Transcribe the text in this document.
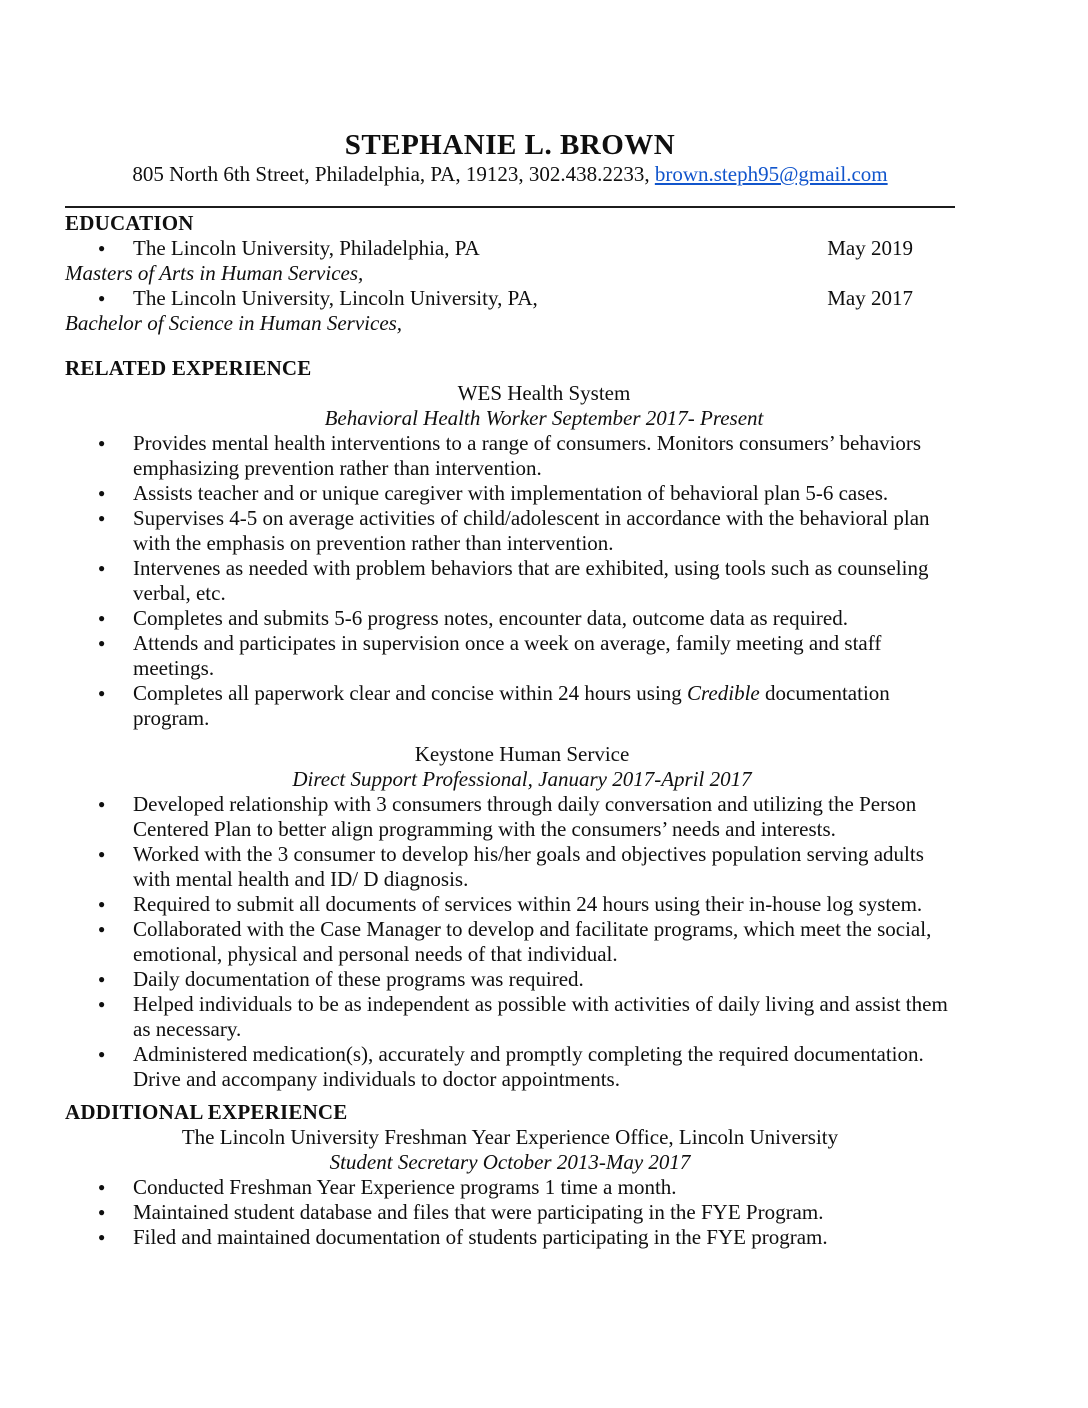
STEPHANIE L. BROWN

805 North 6th Street, Philadelphia, PA, 19123, 302.438.2233, brown.steph95@gmail.com

EDUCATION
● The Lincoln University, Philadelphia, PA	May 2019
Masters of Arts in Human Services,
● The Lincoln University, Lincoln University, PA,	May 2017
Bachelor of Science in Human Services,
RELATED EXPERIENCE
WES Health System
Behavioral Health Worker September 2017- Present
● Provides mental health interventions to a range of consumers. Monitors consumers’ behaviors emphasizing prevention rather than intervention.
● Assists teacher and or unique caregiver with implementation of behavioral plan 5-6 cases.
● Supervises 4-5 on average activities of child/adolescent in accordance with the behavioral plan with the emphasis on prevention rather than intervention.
● Intervenes as needed with problem behaviors that are exhibited, using tools such as counseling verbal, etc.
● Completes and submits 5-6 progress notes, encounter data, outcome data as required.
● Attends and participates in supervision once a week on average, family meeting and staff meetings.
● Completes all paperwork clear and concise within 24 hours using Credible documentation program.
Keystone Human Service
Direct Support Professional, January 2017-April 2017
● Developed relationship with 3 consumers through daily conversation and utilizing the Person Centered Plan to better align programming with the consumers’ needs and interests.
● Worked with the 3 consumer to develop his/her goals and objectives population serving adults with mental health and ID/ D diagnosis.
● Required to submit all documents of services within 24 hours using their in-house log system.
● Collaborated with the Case Manager to develop and facilitate programs, which meet the social, emotional, physical and personal needs of that individual.
● Daily documentation of these programs was required.
● Helped individuals to be as independent as possible with activities of daily living and assist them as necessary.
● Administered medication(s), accurately and promptly completing the required documentation. Drive and accompany individuals to doctor appointments.
ADDITIONAL EXPERIENCE
The Lincoln University Freshman Year Experience Office, Lincoln University
Student Secretary October 2013-May 2017
● Conducted Freshman Year Experience programs 1 time a month.
● Maintained student database and files that were participating in the FYE Program.
● Filed and maintained documentation of students participating in the FYE program.
